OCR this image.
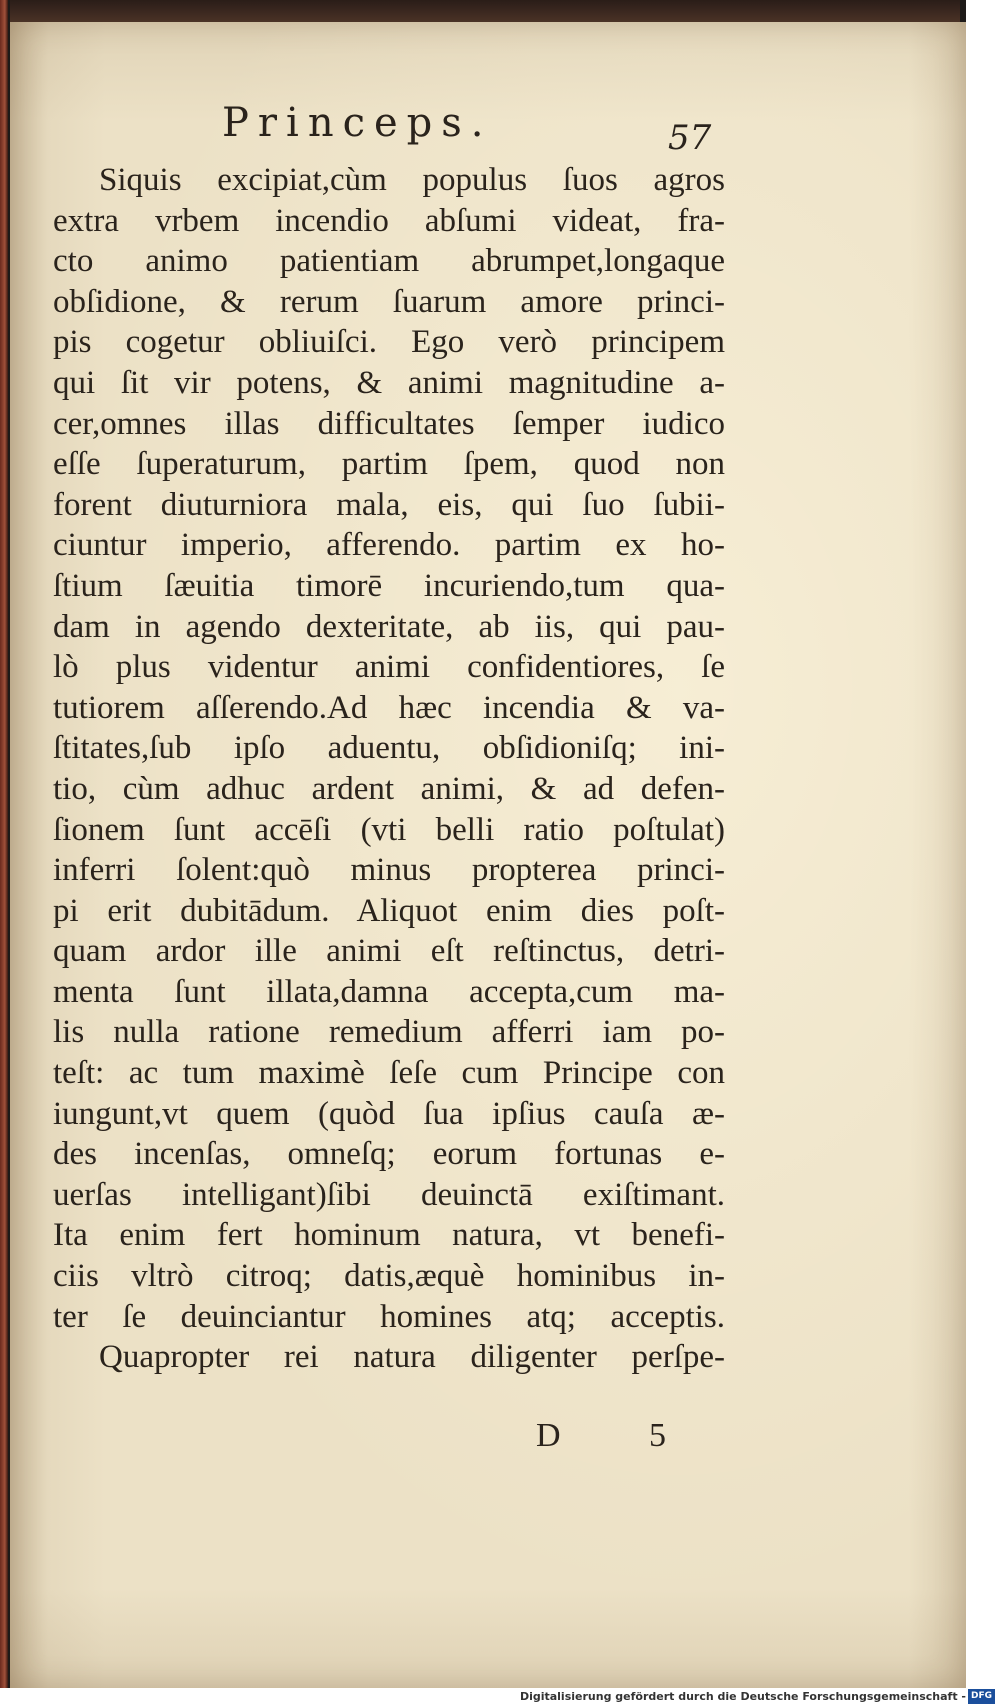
Princeps.	57
Siquis excipiat,cùm populus ſuos agros
extra vrbem incendio abſumi videat, fra-
cto animo patientiam abrumpet,longaque
obſidione, & rerum ſuarum amore princi-
pis cogetur obliuiſci. Ego verò principem
qui ſit vir potens, & animi magnitudine a-
cer,omnes illas difficultates ſemper iudico
eſſe ſuperaturum, partim ſpem, quod non
forent diuturniora mala, eis, qui ſuo ſubii-
ciuntur imperio, afferendo. partim ex ho-
ſtium ſæuitia timorē incuriendo,tum qua-
dam in agendo dexteritate, ab iis, qui pau-
lò plus videntur animi confidentiores, ſe
tutiorem aſſerendo.Ad hæc incendia & va-
ſtitates,ſub ipſo aduentu, obſidioniſq; ini-
tio, cùm adhuc ardent animi, & ad defen-
ſionem ſunt accēſi (vti belli ratio poſtulat)
inferri ſolent:quò minus propterea princi-
pi erit dubitādum. Aliquot enim dies poſt-
quam ardor ille animi eſt reſtinctus, detri-
menta ſunt illata,damna accepta,cum ma-
lis nulla ratione remedium afferri iam po-
teſt: ac tum maximè ſeſe cum Principe con
iungunt,vt quem (quòd ſua ipſius cauſa æ-
des incenſas, omneſq; eorum fortunas e-
uerſas intelligant)ſibi deuinctā exiſtimant.
Ita enim fert hominum natura, vt benefi-
ciis vltrò citroq; datis,æquè hominibus in-
ter ſe deuinciantur homines atq; acceptis.
Quapropter rei natura diligenter perſpe-
D 5
Digitalisierung gefördert durch die Deutsche Forschungsgemeinschaft - DFG
